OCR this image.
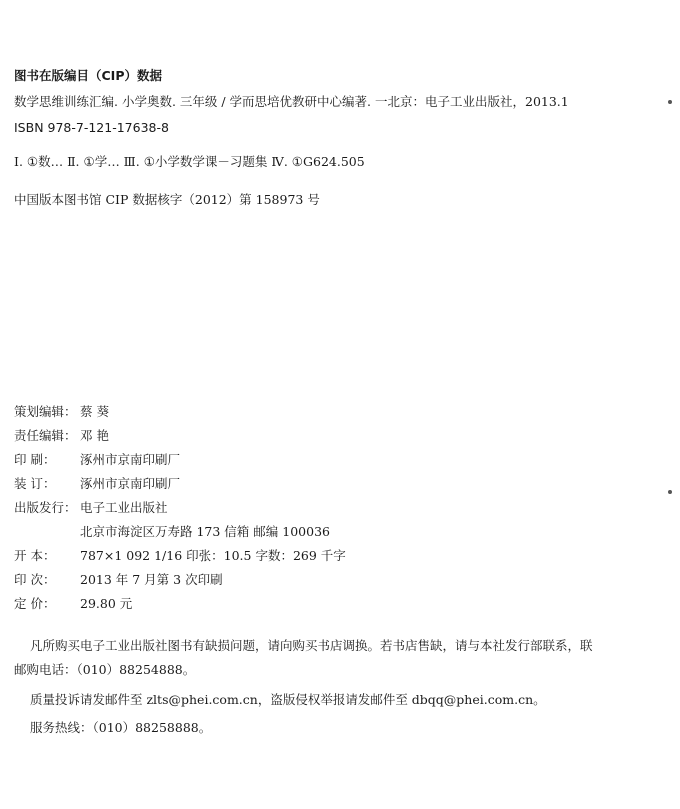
图书在版编目（CIP）数据
数学思维训练汇编. 小学奥数. 三年级 / 学而思培优教研中心编著. 一北京：电子工业出版社，2013.1
ISBN 978-7-121-17638-8
Ⅰ. ①数… Ⅱ. ①学… Ⅲ. ①小学数学课－习题集 Ⅳ. ①G624.505
中国版本图书馆 CIP 数据核字（2012）第 158973 号
策划编辑： 蔡 葵
责任编辑： 邓 艳
印 刷： 涿州市京南印刷厂
装 订： 涿州市京南印刷厂
出版发行： 电子工业出版社
北京市海淀区万寿路 173 信箱 邮编 100036
开 本： 787×1 092 1/16 印张：10.5 字数：269 千字
印 次： 2013 年 7 月第 3 次印刷
定 价： 29.80 元
凡所购买电子工业出版社图书有缺损问题，请向购买书店调换。若书店售缺，请与本社发行部联系，联
邮购电话：（010）88254888。
质量投诉请发邮件至 zlts@phei.com.cn，盗版侵权举报请发邮件至 dbqq@phei.com.cn。
服务热线：（010）88258888。
